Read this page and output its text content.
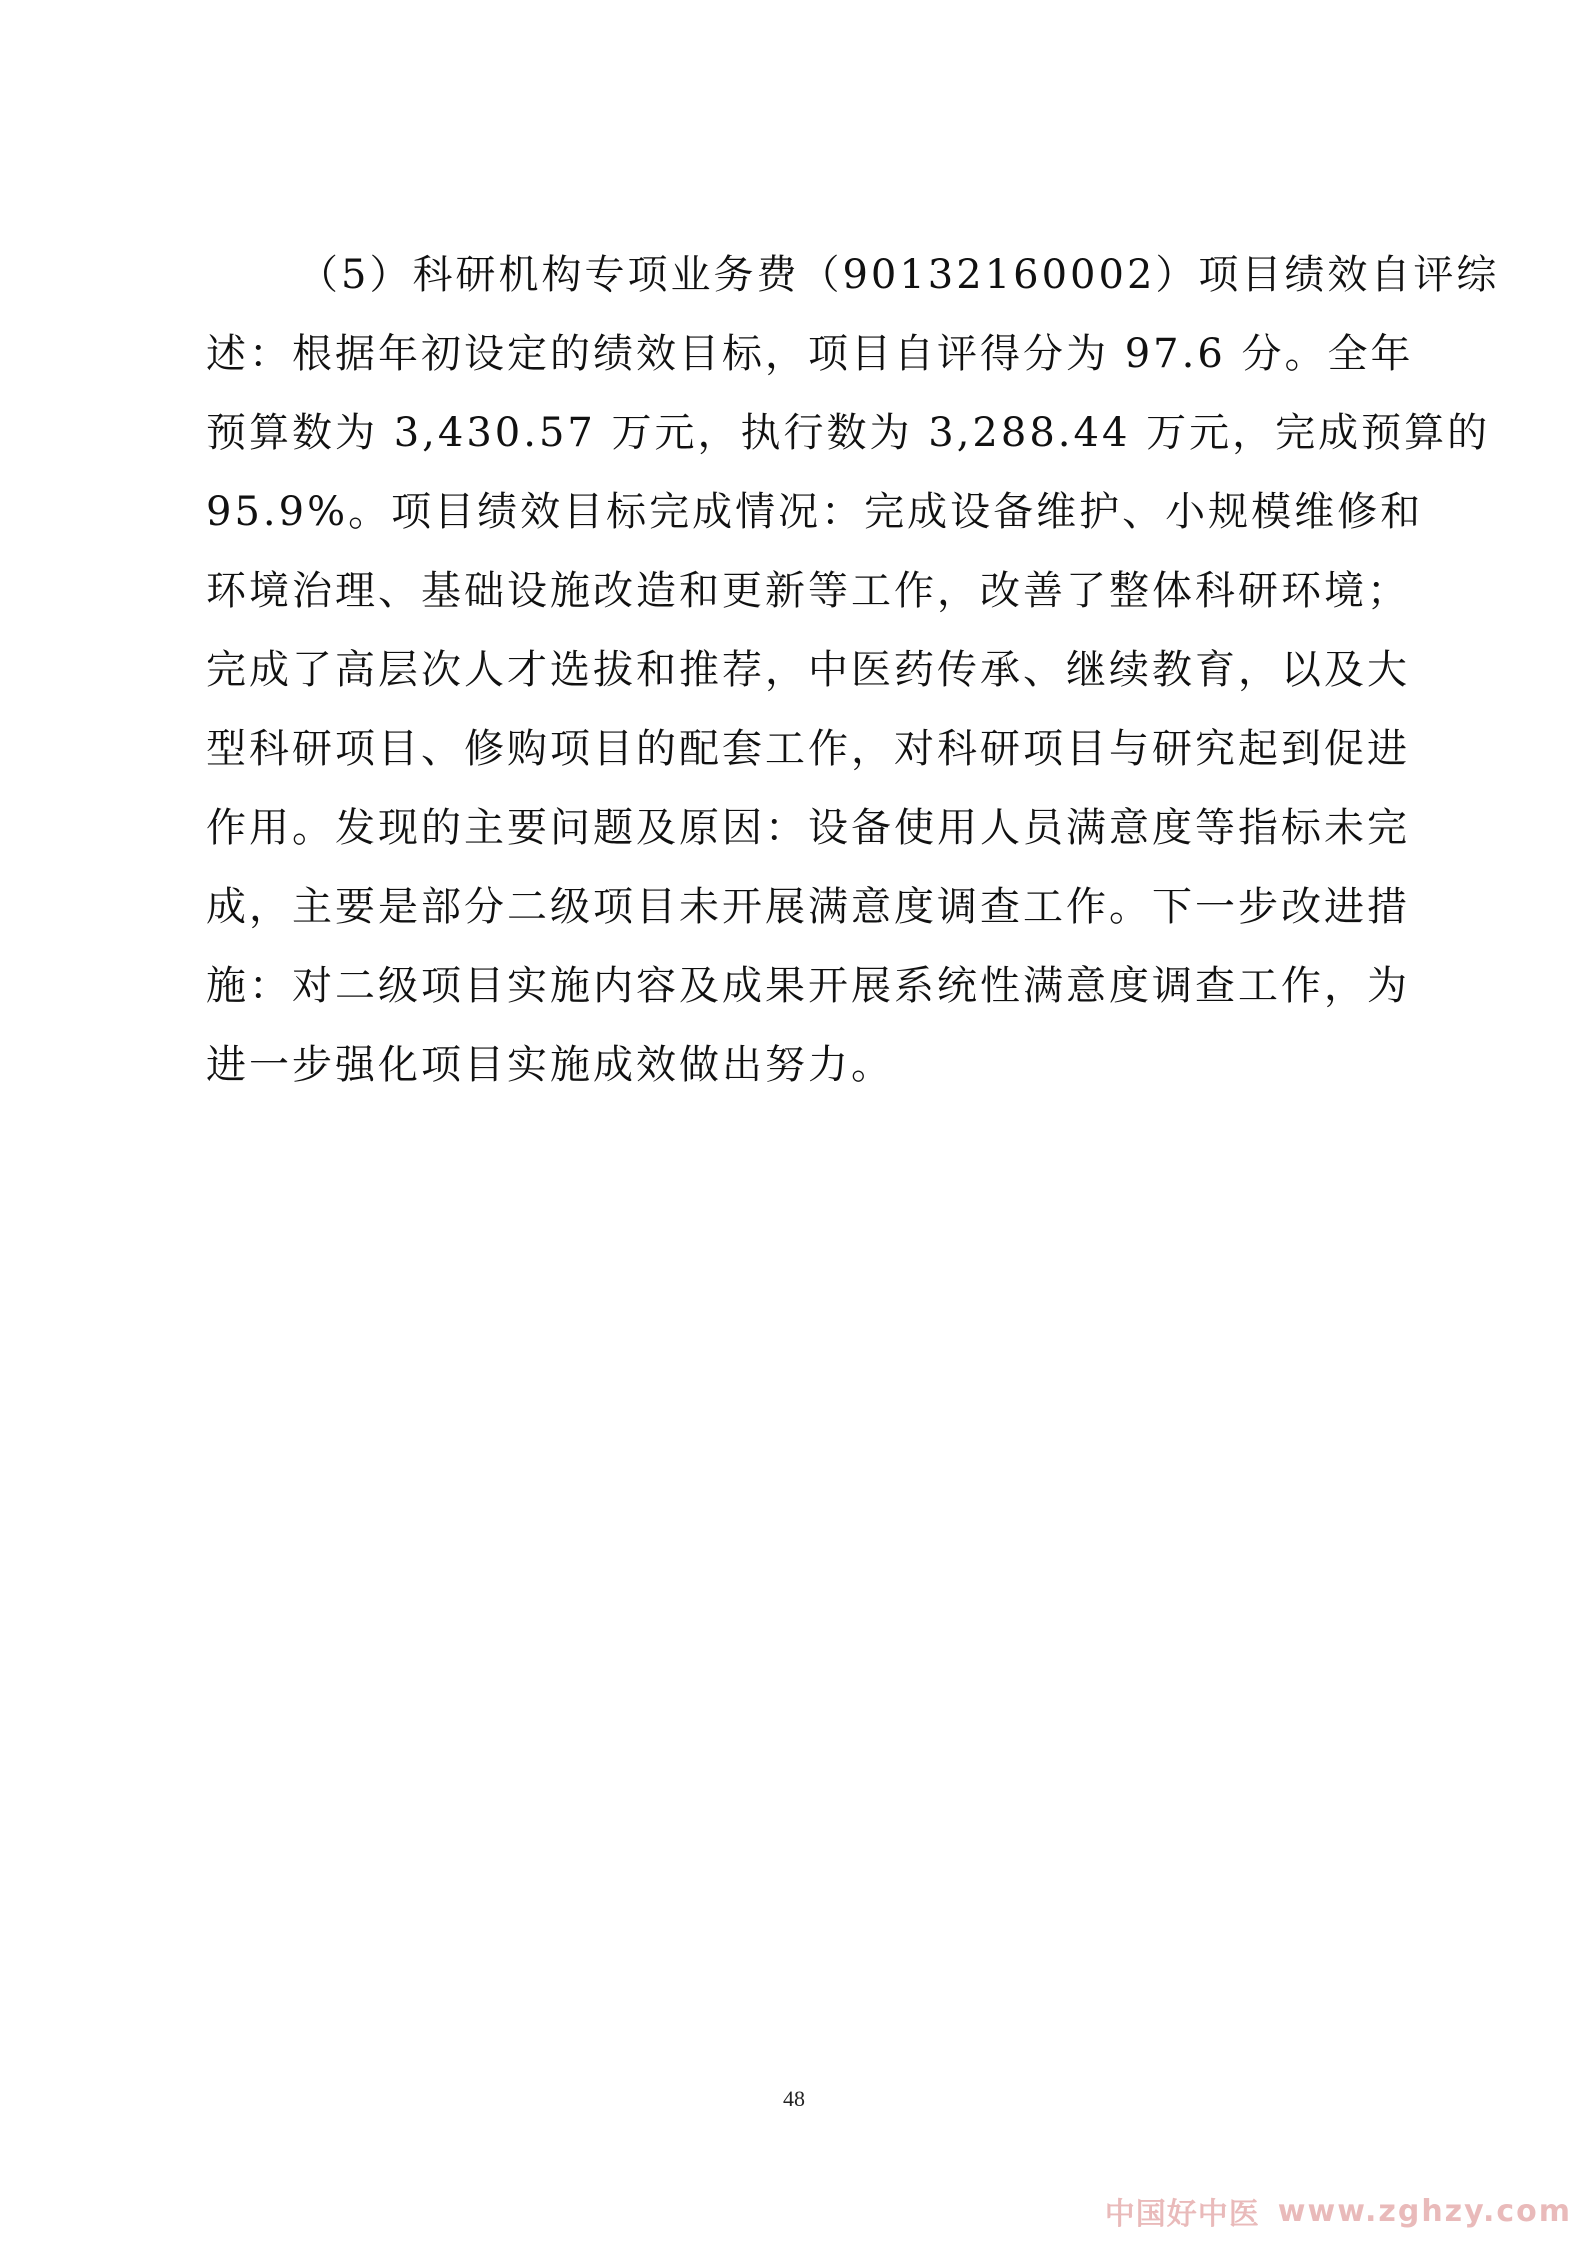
（5）科研机构专项业务费（90132160002）项目绩效自评综
述：根据年初设定的绩效目标，项目自评得分为 97.6 分。全年
预算数为 3,430.57 万元，执行数为 3,288.44 万元，完成预算的
95.9%。项目绩效目标完成情况：完成设备维护、小规模维修和
环境治理、基础设施改造和更新等工作，改善了整体科研环境；
完成了高层次人才选拔和推荐，中医药传承、继续教育，以及大
型科研项目、修购项目的配套工作，对科研项目与研究起到促进
作用。发现的主要问题及原因：设备使用人员满意度等指标未完
成，主要是部分二级项目未开展满意度调查工作。下一步改进措
施：对二级项目实施内容及成果开展系统性满意度调查工作，为
进一步强化项目实施成效做出努力。

48
中国好中医 www.zghzy.com
